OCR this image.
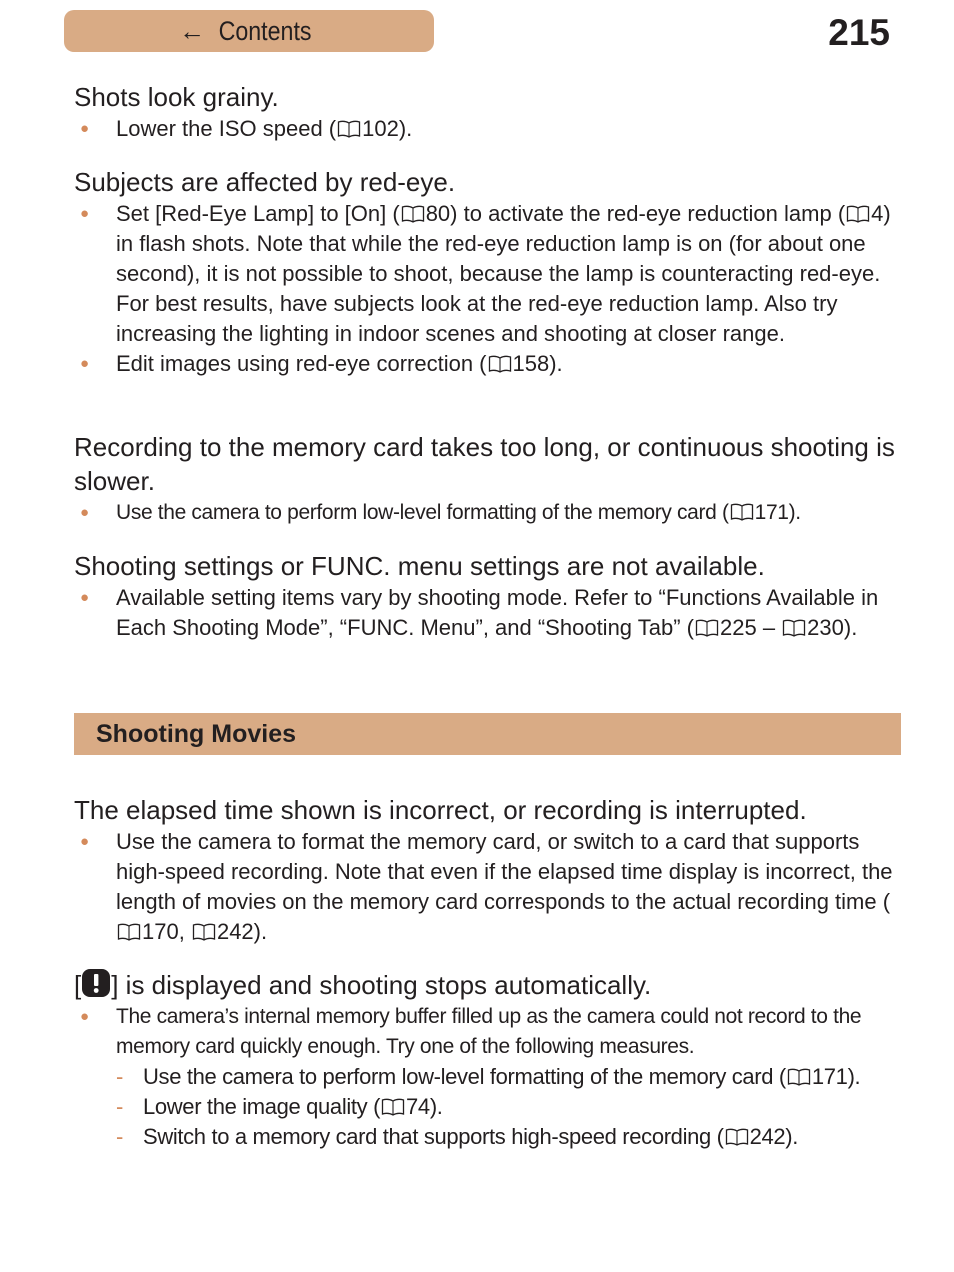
← Contents	215
Shots look grainy.
● Lower the ISO speed ( 102).
Subjects are affected by red-eye.
● Set [Red-Eye Lamp] to [On] ( 80) to activate the red-eye reduction lamp ( 4) in flash shots. Note that while the red-eye reduction lamp is on (for about one second), it is not possible to shoot, because the lamp is counteracting red-eye. For best results, have subjects look at the red-eye reduction lamp. Also try increasing the lighting in indoor scenes and shooting at closer range.
● Edit images using red-eye correction ( 158).
Recording to the memory card takes too long, or continuous shooting is slower.
● Use the camera to perform low-level formatting of the memory card ( 171).
Shooting settings or FUNC. menu settings are not available.
● Available setting items vary by shooting mode. Refer to “Functions Available in Each Shooting Mode”, “FUNC. Menu”, and “Shooting Tab” ( 225 –
230).
Shooting Movies
The elapsed time shown is incorrect, or recording is interrupted.
● Use the camera to format the memory card, or switch to a card that supports high-speed recording. Note that even if the elapsed time display is incorrect, the length of movies on the memory card corresponds to the actual recording time (
170,
242).
[ ] is displayed and shooting stops automatically.
● The camera’s internal memory buffer filled up as the camera could not record to the memory card quickly enough. Try one of the following measures.
- Use the camera to perform low-level formatting of the memory card ( 171).
- Lower the image quality ( 74).
- Switch to a memory card that supports high-speed recording ( 242).
